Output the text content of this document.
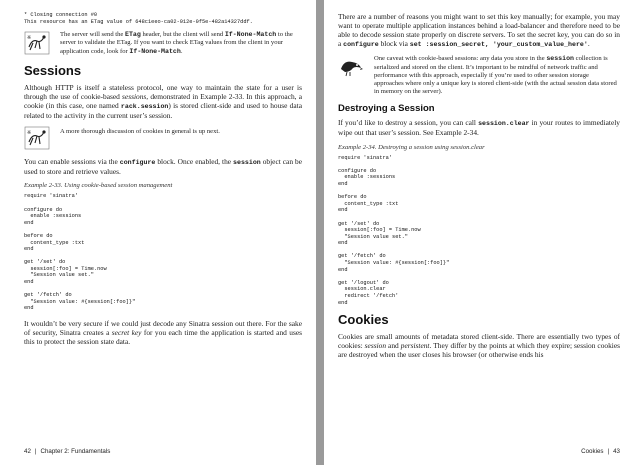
* Closing connection #0
This resource has an ETag value of 648c1eeo-ca02-012e-0f5e-482a14327ddf.
※	The server will send the ETag header, but the client will send If-None-Match to the server to validate the ETag. If you want to check ETag values from the client in your application code, look for If-None-Match.
Sessions

Although HTTP is itself a stateless protocol, one way to maintain the state for a user is through the use of cookie-based sessions, demonstrated in Example 2-33. In this approach, a cookie (in this case, one named rack.session) is stored client-side and used to house data related to the activity in the current user’s session.

※	A more thorough discussion of cookies in general is up next.

You can enable sessions via the configure block. Once enabled, the session object can be used to store and retrieve values.

Example 2-33. Using cookie-based session management
require 'sinatra'

configure do
enable :sessions
end

before do
content_type :txt
end

get '/set' do
session[:foo] = Time.now
"Session value set."
end

get '/fetch' do
"Session value: #{session[:foo]}"
end

It wouldn’t be very secure if we could just decode any Sinatra session out there. For the sake of security, Sinatra creates a secret key for you each time the application is started and uses this to protect the session state data.

42 | Chapter 2: Fundamentals

There are a number of reasons you might want to set this key manually; for example, you may want to operate multiple application instances behind a load-balancer and therefore need to be able to decode session state properly on discrete servers. To set the secret key, you can do so in a configure block via set :session_secret, 'your_custom_value_here'.

One caveat with cookie-based sessions: any data you store in the session collection is serialized and stored on the client. It’s important to be mindful of network traffic and performance with this approach, especially if you’re used to other session storage approaches where only a unique key is stored client-side (with the actual session data stored in memory on the server).
Destroying a Session

If you’d like to destroy a session, you can call session.clear in your routes to immediately wipe out that user’s session. See Example 2-34.

Example 2-34. Destroying a session using session.clear
require 'sinatra'

configure do
enable :sessions
end

before do
content_type :txt
end

get '/set' do
session[:foo] = Time.now
"Session value set."
end

get '/fetch' do
"Session value: #{session[:foo]}"
end

get '/logout' do
session.clear
redirect '/fetch'
end
Cookies

Cookies are small amounts of metadata stored client-side. There are essentially two types of cookies: session and persistent. They differ by the points at which they expire; session cookies are destroyed when the user closes his browser (or otherwise ends his

Cookies | 43
